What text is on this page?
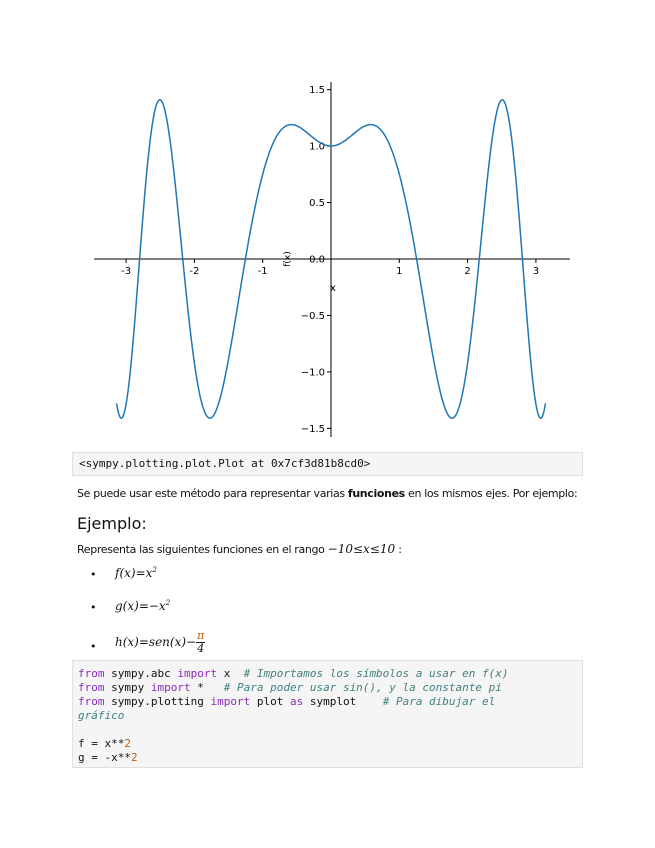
-3	-2	-1	1	2	3
1.5
1.0
0.5
0.0
−0.5
−1.0
−1.5
x
f(x)
<sympy.plotting.plot.Plot at 0x7cf3d81b8cd0>
Se puede usar este método para representar varias funciones en los mismos ejes. Por ejemplo:
Ejemplo:
Representa las siguientes funciones en el rango −10≤x≤10 :
• $f(x)=x^2$
• $g(x)=-x^2$
• $h(x)=sen(x)- \frac{\pi}{4}$
from sympy.abc import x  # Importamos los símbolos a usar en f(x)
from sympy import *   # Para poder usar sin(), y la constante pi
from sympy.plotting import plot as symplot    # Para dibujar el
gráfico

f = x**2
g = -x**2
